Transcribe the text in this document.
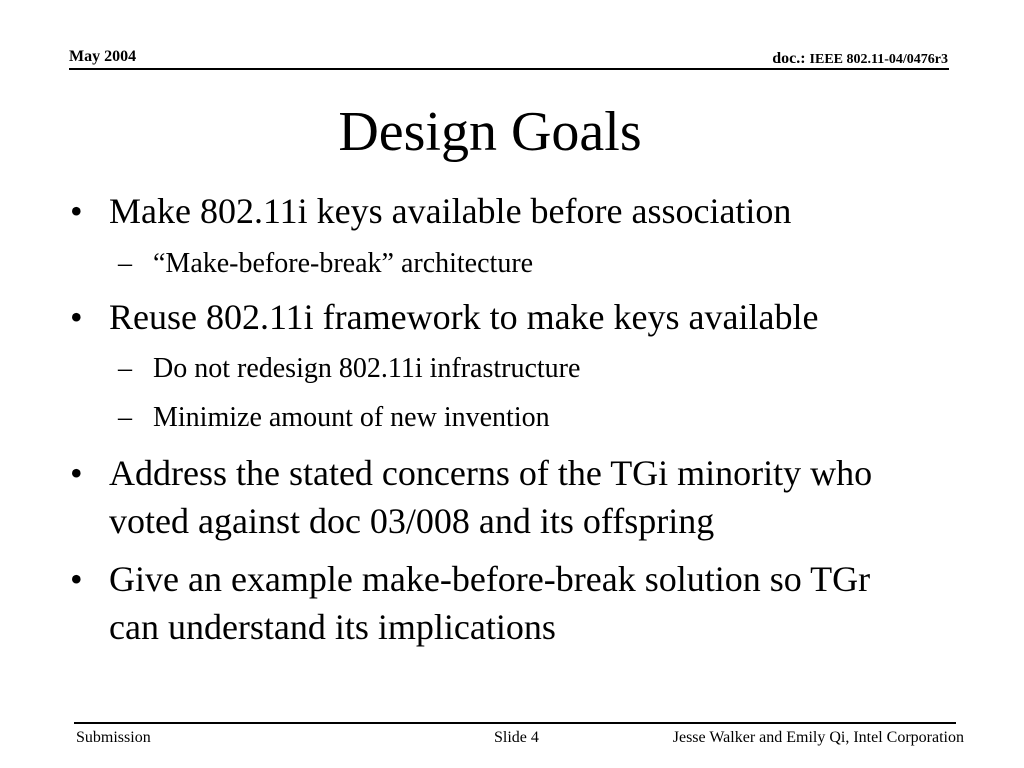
May 2004	doc.: IEEE 802.11-04/0476r3
Design Goals
• Make 802.11i keys available before association
– “Make-before-break” architecture
• Reuse 802.11i framework to make keys available
– Do not redesign 802.11i infrastructure
– Minimize amount of new invention
• Address the stated concerns of the TGi minority who
voted against doc 03/008 and its offspring
• Give an example make-before-break solution so TGr
can understand its implications
Submission	Slide 4	Jesse Walker and Emily Qi, Intel Corporation
